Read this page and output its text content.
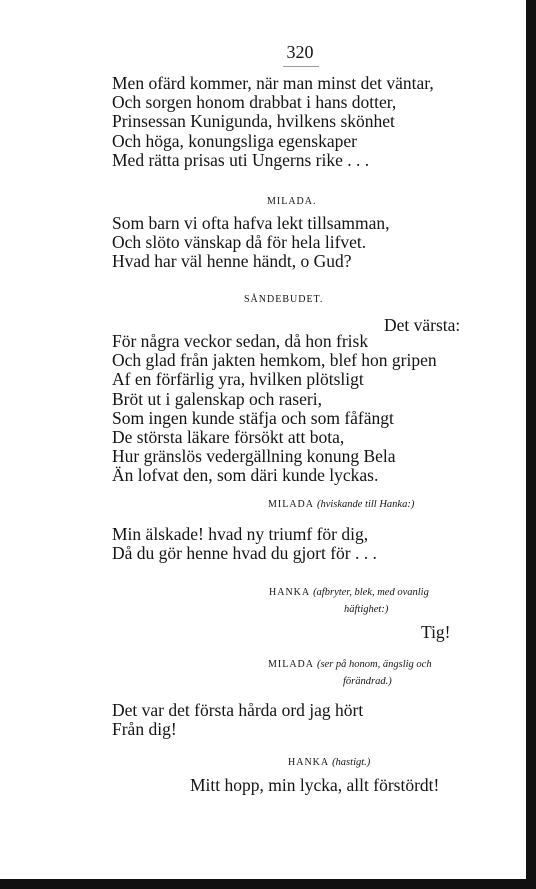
320
Men ofärd kommer, när man minst det väntar,
Och sorgen honom drabbat i hans dotter,
Prinsessan Kunigunda, hvilkens skönhet
Och höga, konungsliga egenskaper
Med rätta prisas uti Ungerns rike . . .
MILADA.
Som barn vi ofta hafva lekt tillsamman,
Och slöto vänskap då för hela lifvet.
Hvad har väl henne händt, o Gud?
SÅNDEBUDET.
Det värsta:
För några veckor sedan, då hon frisk
Och glad från jakten hemkom, blef hon gripen
Af en förfärlig yra, hvilken plötsligt
Bröt ut i galenskap och raseri,
Som ingen kunde stäfja och som fåfängt
De största läkare försökt att bota,
Hur gränslös vedergällning konung Bela
Än lofvat den, som däri kunde lyckas.
MILADA (hviskande till Hanka:)
Min älskade! hvad ny triumf för dig,
Då du gör henne hvad du gjort för . . .
HANKA (afbryter, blek, med ovanlig
häftighet:)
Tig!
MILADA (ser på honom, ängslig och
förändrad.)
Det var det första hårda ord jag hört
Från dig!
HANKA (hastigt.)
Mitt hopp, min lycka, allt förstördt!
